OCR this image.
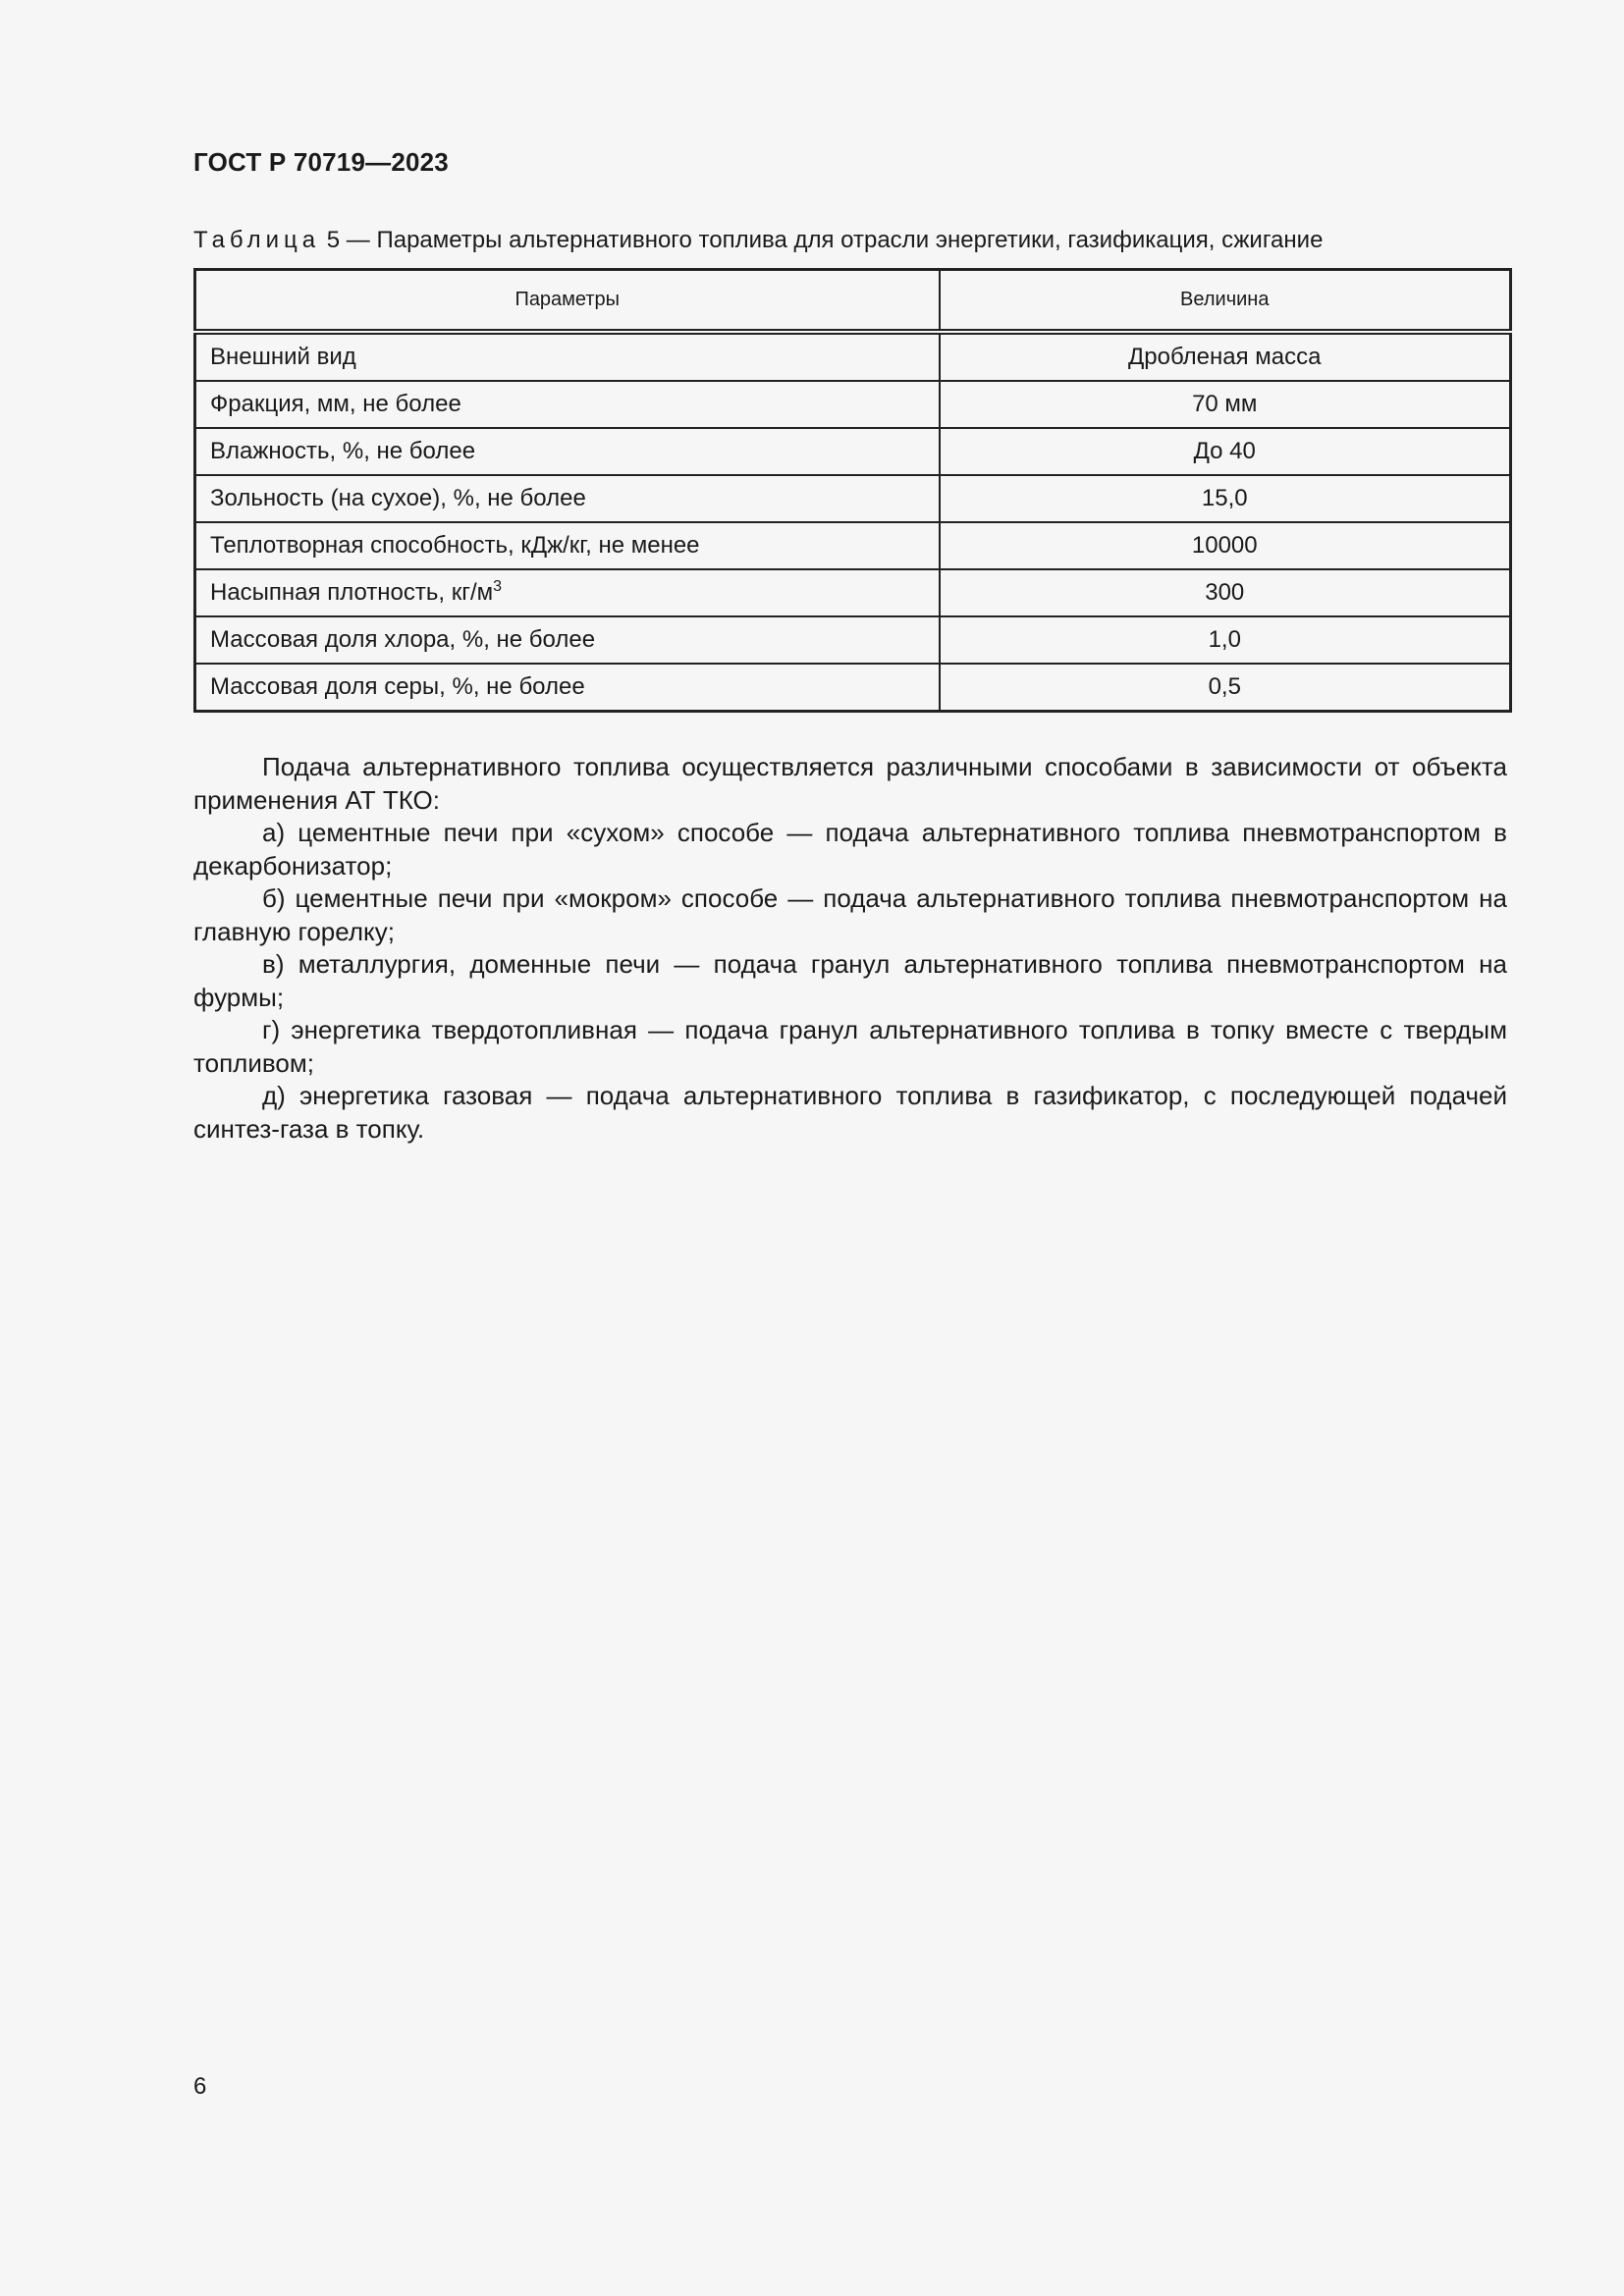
ГОСТ Р 70719—2023
Таблица 5 — Параметры альтернативного топлива для отрасли энергетики, газификация, сжигание
Параметры	Величина
Внешний вид	Дробленая масса
Фракция, мм, не более	70 мм
Влажность, %, не более	До 40
Зольность (на сухое), %, не более	15,0
Теплотворная способность, кДж/кг, не менее	10000
Насыпная плотность, $кг/м^3$	300
Массовая доля хлора, %, не более	1,0
Массовая доля серы, %, не более	0,5

Подача альтернативного топлива осуществляется различными способами в зависимости от объекта применения АТ ТКО:

а) цементные печи при «сухом» способе — подача альтернативного топлива пневмотранспортом в декарбонизатор;

б) цементные печи при «мокром» способе — подача альтернативного топлива пневмотранспортом на главную горелку;

в) металлургия, доменные печи — подача гранул альтернативного топлива пневмотранспортом на фурмы;

г) энергетика твердотопливная — подача гранул альтернативного топлива в топку вместе с твердым топливом;

д) энергетика газовая — подача альтернативного топлива в газификатор, с последующей подачей синтез-газа в топку.

6
